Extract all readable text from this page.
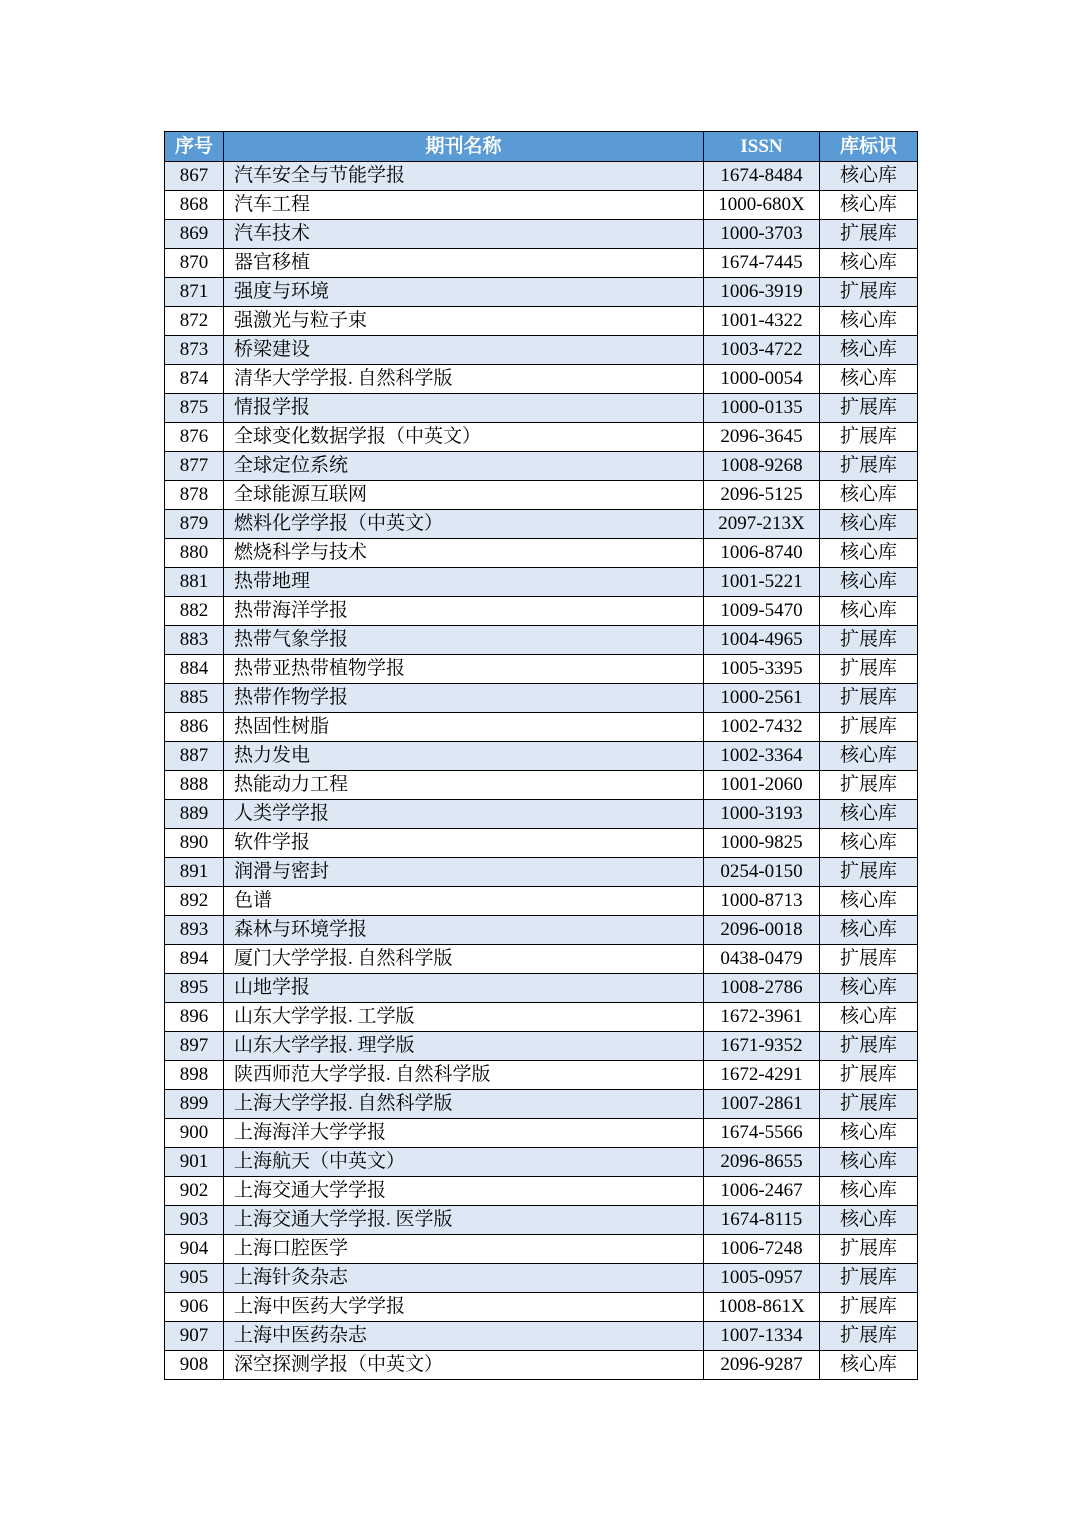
序号	期刊名称	ISSN	库标识
867	汽车安全与节能学报	1674-8484	核心库
868	汽车工程	1000-680X	核心库
869	汽车技术	1000-3703	扩展库
870	器官移植	1674-7445	核心库
871	强度与环境	1006-3919	扩展库
872	强激光与粒子束	1001-4322	核心库
873	桥梁建设	1003-4722	核心库
874	清华大学学报. 自然科学版	1000-0054	核心库
875	情报学报	1000-0135	扩展库
876	全球变化数据学报（中英文）	2096-3645	扩展库
877	全球定位系统	1008-9268	扩展库
878	全球能源互联网	2096-5125	核心库
879	燃料化学学报（中英文）	2097-213X	核心库
880	燃烧科学与技术	1006-8740	核心库
881	热带地理	1001-5221	核心库
882	热带海洋学报	1009-5470	核心库
883	热带气象学报	1004-4965	扩展库
884	热带亚热带植物学报	1005-3395	扩展库
885	热带作物学报	1000-2561	扩展库
886	热固性树脂	1002-7432	扩展库
887	热力发电	1002-3364	核心库
888	热能动力工程	1001-2060	扩展库
889	人类学学报	1000-3193	核心库
890	软件学报	1000-9825	核心库
891	润滑与密封	0254-0150	扩展库
892	色谱	1000-8713	核心库
893	森林与环境学报	2096-0018	核心库
894	厦门大学学报. 自然科学版	0438-0479	扩展库
895	山地学报	1008-2786	核心库
896	山东大学学报. 工学版	1672-3961	核心库
897	山东大学学报. 理学版	1671-9352	扩展库
898	陕西师范大学学报. 自然科学版	1672-4291	扩展库
899	上海大学学报. 自然科学版	1007-2861	扩展库
900	上海海洋大学学报	1674-5566	核心库
901	上海航天（中英文）	2096-8655	核心库
902	上海交通大学学报	1006-2467	核心库
903	上海交通大学学报. 医学版	1674-8115	核心库
904	上海口腔医学	1006-7248	扩展库
905	上海针灸杂志	1005-0957	扩展库
906	上海中医药大学学报	1008-861X	扩展库
907	上海中医药杂志	1007-1334	扩展库
908	深空探测学报（中英文）	2096-9287	核心库
